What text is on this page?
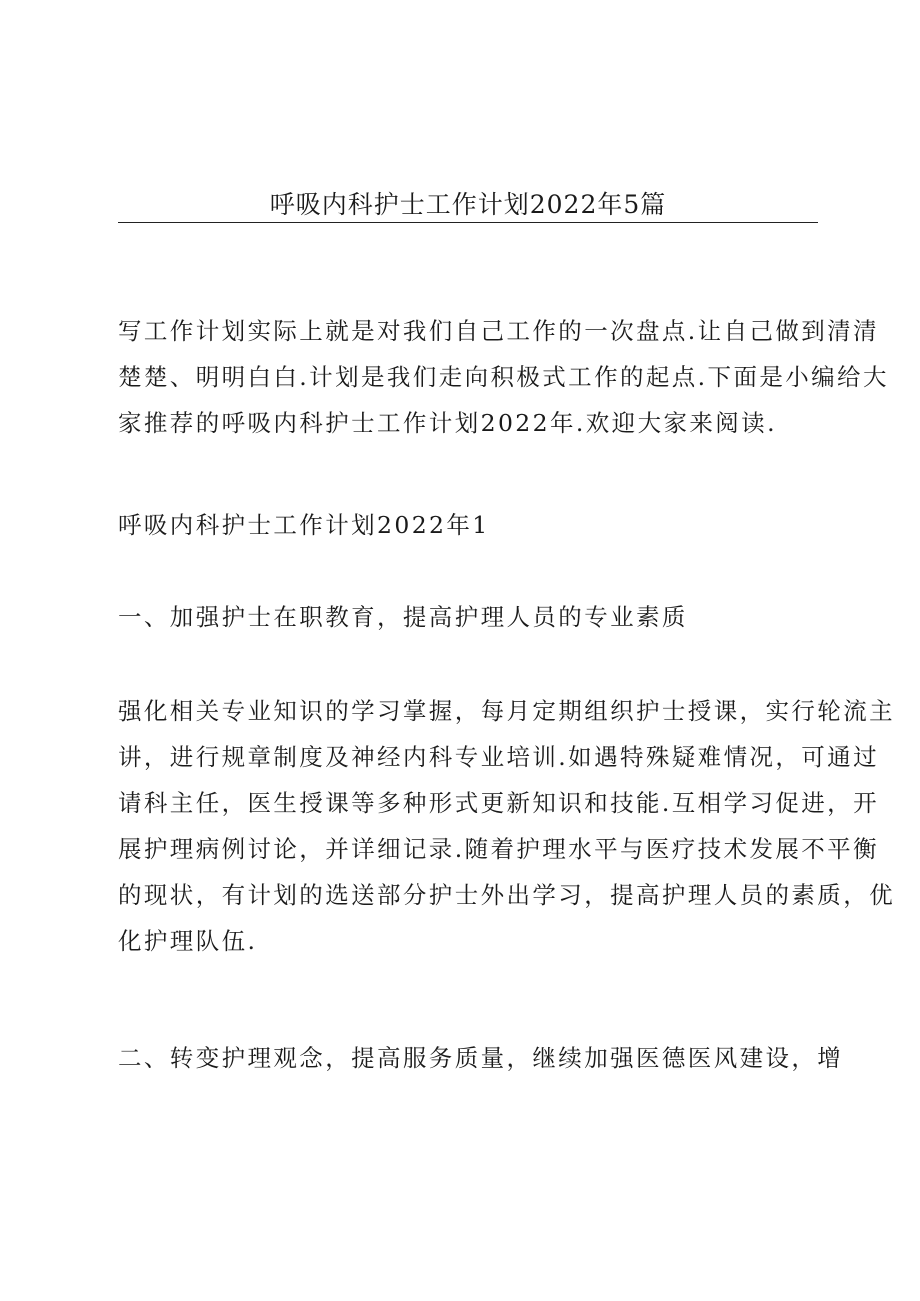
呼吸内科护士工作计划2022年5篇
写工作计划实际上就是对我们自己工作的一次盘点.让自己做到清清
楚楚、明明白白.计划是我们走向积极式工作的起点.下面是小编给大
家推荐的呼吸内科护士工作计划2022年.欢迎大家来阅读.
呼吸内科护士工作计划2022年1
一、加强护士在职教育，提高护理人员的专业素质
强化相关专业知识的学习掌握，每月定期组织护士授课，实行轮流主
讲，进行规章制度及神经内科专业培训.如遇特殊疑难情况，可通过
请科主任，医生授课等多种形式更新知识和技能.互相学习促进，开
展护理病例讨论，并详细记录.随着护理水平与医疗技术发展不平衡
的现状，有计划的选送部分护士外出学习，提高护理人员的素质，优
化护理队伍.
二、转变护理观念，提高服务质量，继续加强医德医风建设，增
